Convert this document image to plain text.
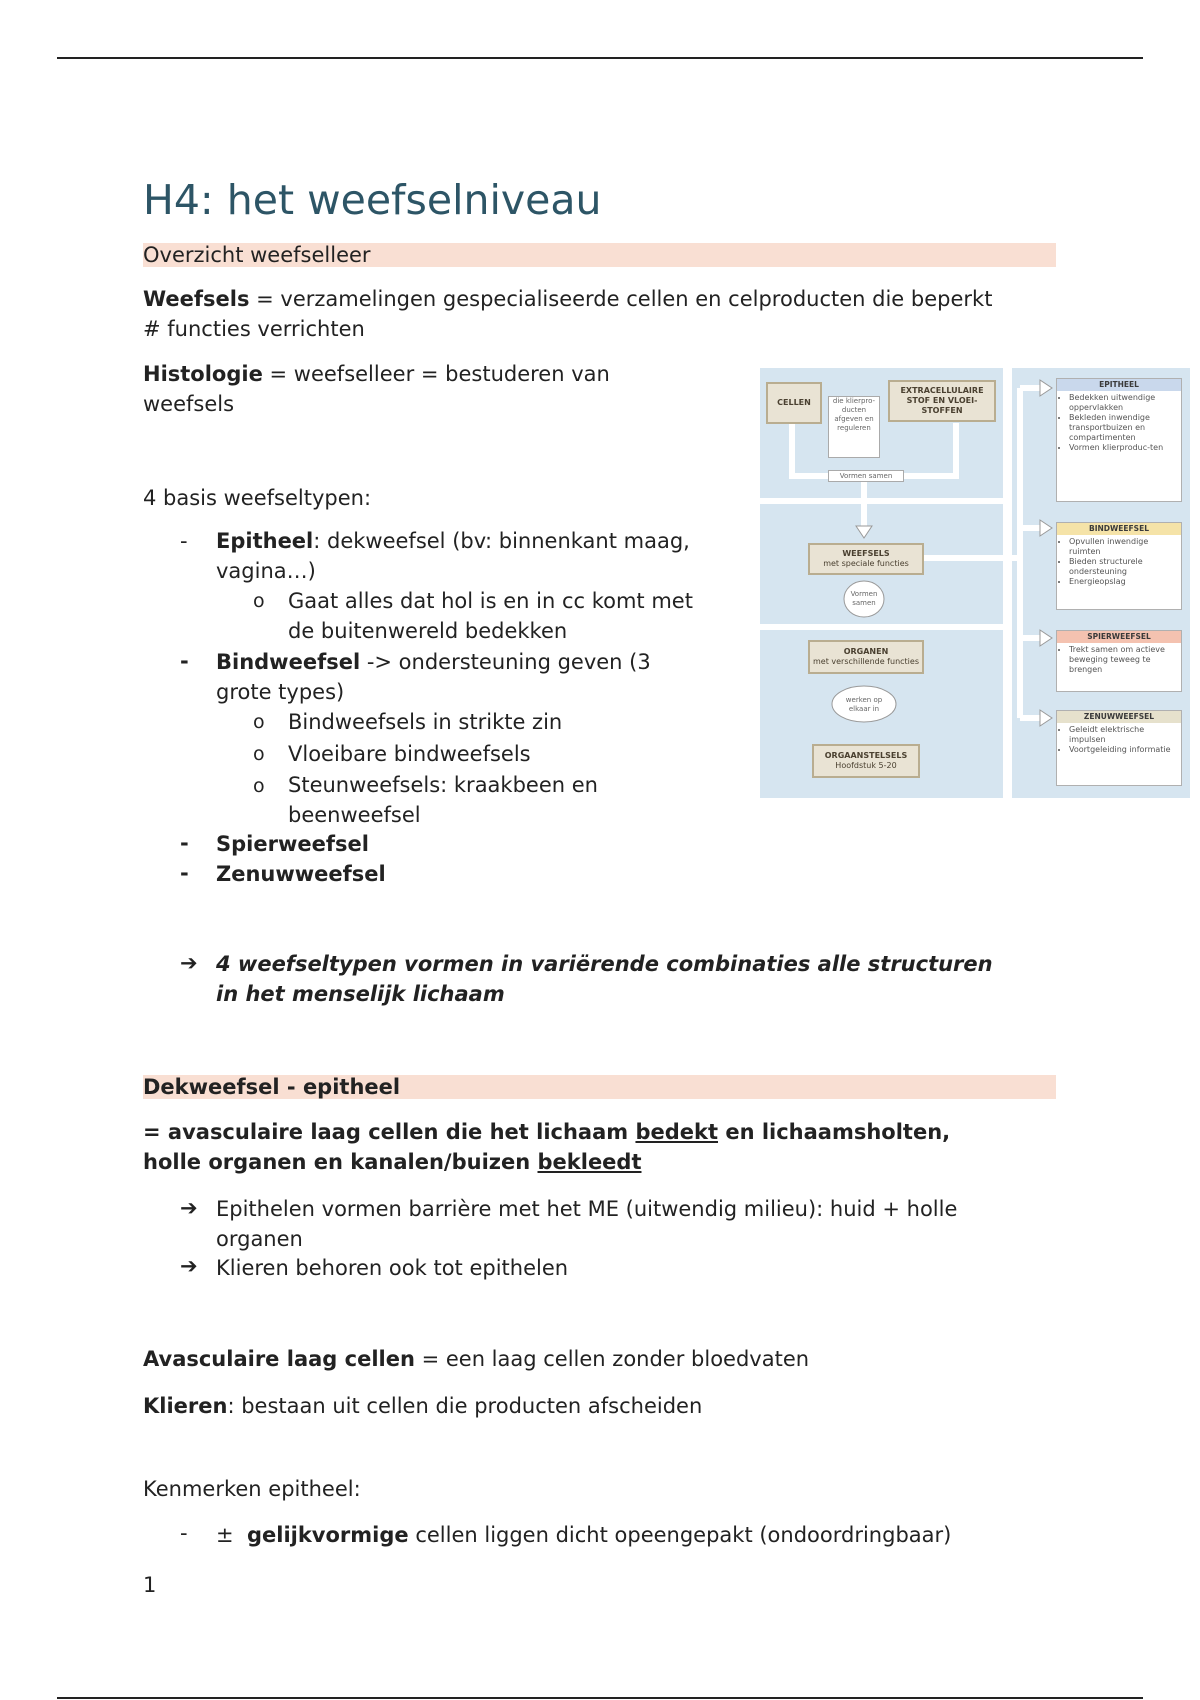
H4: het weefselniveau
Overzicht weefselleer
Weefsels = verzamelingen gespecialiseerde cellen en celproducten die beperkt
# functies verrichten
Histologie = weefselleer = bestuderen van
weefsels
4 basis weefseltypen:
- Epitheel: dekweefsel (bv: binnenkant maag,
vagina…)
o Gaat alles dat hol is en in cc komt met
de buitenwereld bedekken
- Bindweefsel -> ondersteuning geven (3
grote types)
o Bindweefsels in strikte zin
o Vloeibare bindweefsels
o Steunweefsels: kraakbeen en
beenweefsel
- Spierweefsel
- Zenuwweefsel
➔ 4 weefseltypen vormen in variërende combinaties alle structuren
in het menselijk lichaam
Dekweefsel - epitheel
= avasculaire laag cellen die het lichaam bedekt en lichaamsholten,
holle organen en kanalen/buizen bekleedt
➔ Epithelen vormen barrière met het ME (uitwendig milieu): huid + holle
organen
➔ Klieren behoren ook tot epithelen
Avasculaire laag cellen = een laag cellen zonder bloedvaten
Klieren: bestaan uit cellen die producten afscheiden
Kenmerken epitheel:
- ± gelijkvormige cellen liggen dicht opeengepakt (ondoordringbaar)
1
CELLEN
EXTRACELLULAIRE STOF EN VLOEI-STOFFEN
die klierpro-ducten afgeven en reguleren
Vormen samen
WEEFSELS
met speciale functies
Vormen samen
ORGANEN
met verschillende functies
werken op elkaar in
ORGAANSTELSELS
Hoofdstuk 5-20
EPITHEEL
• Bedekken uitwendige oppervlakken
• Bekleden inwendige transportbuizen en compartimenten
• Vormen klierproduc-ten
BINDWEEFSEL
• Opvullen inwendige ruimten
• Bieden structurele ondersteuning
• Energieopslag
SPIERWEEFSEL
• Trekt samen om actieve beweging teweeg te brengen
ZENUWWEEFSEL
• Geleidt elektrische impulsen
• Voortgeleiding informatie
